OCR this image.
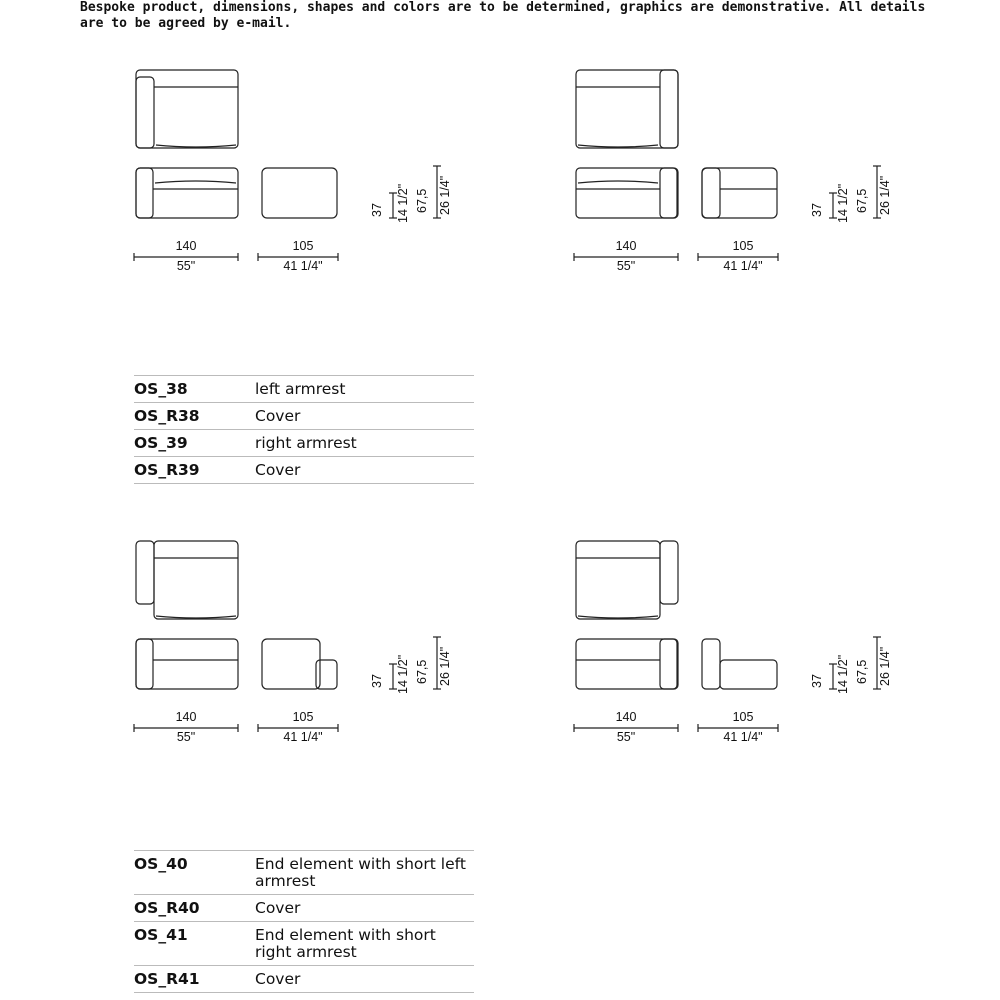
Bespoke product, dimensions, shapes and colors are to be determined, graphics are demonstrative. All details are to be agreed by e-mail.
140
55"
105
41 1/4"
37 14 1/2" 67,5 26 1/4"
140
55"
105
41 1/4"
37 14 1/2" 67,5 26 1/4"
OS_38	left armrest
OS_R38	Cover
OS_39	right armrest
OS_R39	Cover
140
55"
105
41 1/4"
37 14 1/2" 67,5 26 1/4"
140
55"
105
41 1/4"
37 14 1/2" 67,5 26 1/4"
OS_40	End element with short left armrest
OS_R40	Cover
OS_41	End element with short right armrest
OS_R41	Cover
